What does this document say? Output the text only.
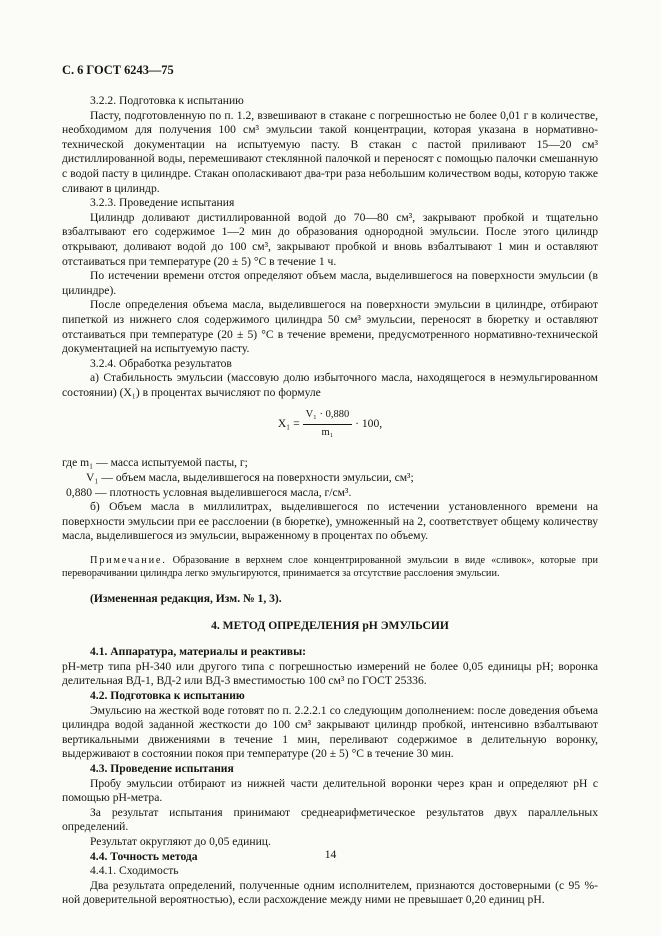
С. 6 ГОСТ 6243—75

3.2.2. Подготовка к испытанию

Пасту, подготовленную по п. 1.2, взвешивают в стакане с погрешностью не более 0,01 г в количестве, необходимом для получения 100 см³ эмульсии такой концентрации, которая указана в нормативно-технической документации на испытуемую пасту. В стакан с пастой приливают 15—20 см³ дистиллированной воды, перемешивают стеклянной палочкой и переносят с помощью палочки смешанную с водой пасту в цилиндре. Стакан ополаскивают два-три раза небольшим количеством воды, которую также сливают в цилиндр.

3.2.3. Проведение испытания

Цилиндр доливают дистиллированной водой до 70—80 см³, закрывают пробкой и тщательно взбалтывают его содержимое 1—2 мин до образования однородной эмульсии. После этого цилиндр открывают, доливают водой до 100 см³, закрывают пробкой и вновь взбалтывают 1 мин и оставляют отстаиваться при температуре (20 ± 5) °С в течение 1 ч.

По истечении времени отстоя определяют объем масла, выделившегося на поверхности эмульсии (в цилиндре).

После определения объема масла, выделившегося на поверхности эмульсии в цилиндре, отбирают пипеткой из нижнего слоя содержимого цилиндра 50 см³ эмульсии, переносят в бюретку и оставляют отстаиваться при температуре (20 ± 5) °С в течение времени, предусмотренного нормативно-технической документацией на испытуемую пасту.

3.2.4. Обработка результатов

а) Стабильность эмульсии (массовую долю избыточного масла, находящегося в неэмульгированном состоянии) (X₁) в процентах вычисляют по формуле

$X_1 = \frac{\text{V₁ · 0,880}}{\text{m₁}} \cdot 100$,
где m₁
— масса испытуемой пасты, г;
V₁
— объем масла, выделившегося на поверхности эмульсии, см³;
0,880
— плотность условная выделившегося масла, г/см³.

б) Объем масла в миллилитрах, выделившегося по истечении установленного времени на поверхности эмульсии при ее расслоении (в бюретке), умноженный на 2, соответствует общему количеству масла, выделившегося из эмульсии, выраженному в процентах по объему.

Примечание. Образование в верхнем слое концентрированной эмульсии в виде «сливок», которые при переворачивании цилиндра легко эмульгируются, принимается за отсутствие расслоения эмульсии.

(Измененная редакция, Изм. № 1, 3).

4. МЕТОД ОПРЕДЕЛЕНИЯ рН ЭМУЛЬСИИ

4.1. Аппаратура, материалы и реактивы:

рН-метр типа рН-340 или другого типа с погрешностью измерений не более 0,05 единицы рН; воронка делительная ВД-1, ВД-2 или ВД-3 вместимостью 100 см³ по ГОСТ 25336.

4.2. Подготовка к испытанию

Эмульсию на жесткой воде готовят по п. 2.2.2.1 со следующим дополнением: после доведения объема цилиндра водой заданной жесткости до 100 см³ закрывают цилиндр пробкой, интенсивно взбалтывают вертикальными движениями в течение 1 мин, переливают содержимое в делительную воронку, выдерживают в состоянии покоя при температуре (20 ± 5) °С в течение 30 мин.

4.3. Проведение испытания

Пробу эмульсии отбирают из нижней части делительной воронки через кран и определяют рН с помощью рН-метра.

За результат испытания принимают среднеарифметическое результатов двух параллельных определений.

Результат округляют до 0,05 единиц.

4.4. Точность метода

4.4.1. Сходимость

Два результата определений, полученные одним исполнителем, признаются достоверными (с 95 %-ной доверительной вероятностью), если расхождение между ними не превышает 0,20 единиц рН.

14
